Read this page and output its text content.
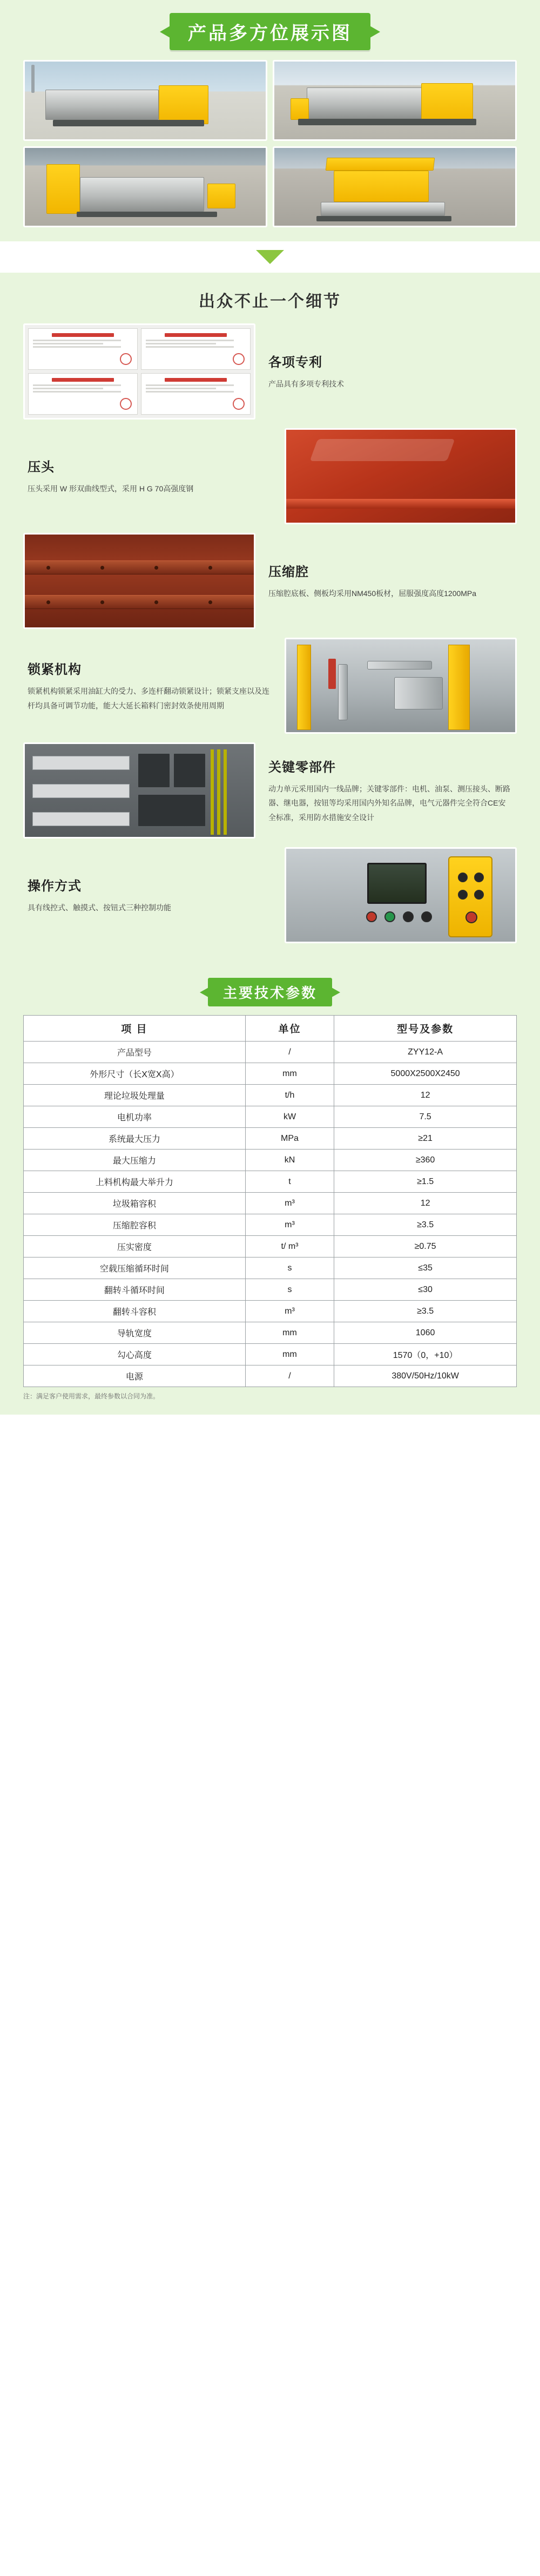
产品多方位展示图
出众不止一个细节
各项专利
产品具有多项专利技术
压头
压头采用 W 形双曲线型式，采用 H G 70高强度钢
压缩腔
压缩腔底板、侧板均采用NM450板材，屈服强度高度1200MPa
锁紧机构
锁紧机构锁紧采用油缸大的受力、多连杆翻动锁紧设计；锁紧支座以及连杆均具备可调节功能，能大大延长箱料门密封效条使用周期
关键零部件
动力单元采用国内一线品牌；关键零部件：电机、油泵、测压接头、断路器、继电器，按钮等均采用国内外知名品牌，电气元器件完全符合CE安全标准，采用防水措施安全设计
操作方式
具有线控式、触摸式、按钮式三种控制功能
主要技术参数
项 目	单位	型号及参数
产品型号	/	ZYY12-A
外形尺寸（长X宽X高）	mm	5000X2500X2450
理论垃圾处理量	t/h	12
电机功率	kW	7.5
系统最大压力	MPa	≥21
最大压缩力	kN	≥360
上料机构最大举升力	t	≥1.5
垃圾箱容积	m³	12
压缩腔容积	m³	≥3.5
压实密度	t/ m³	≥0.75
空载压缩循环时间	s	≤35
翻转斗循环时间	s	≤30
翻转斗容积	m³	≥3.5
导轨宽度	mm	1060
勾心高度	mm	1570（0，+10）
电源	/	380V/50Hz/10kW
注：满足客户使用需求，最终参数以合同为准。
